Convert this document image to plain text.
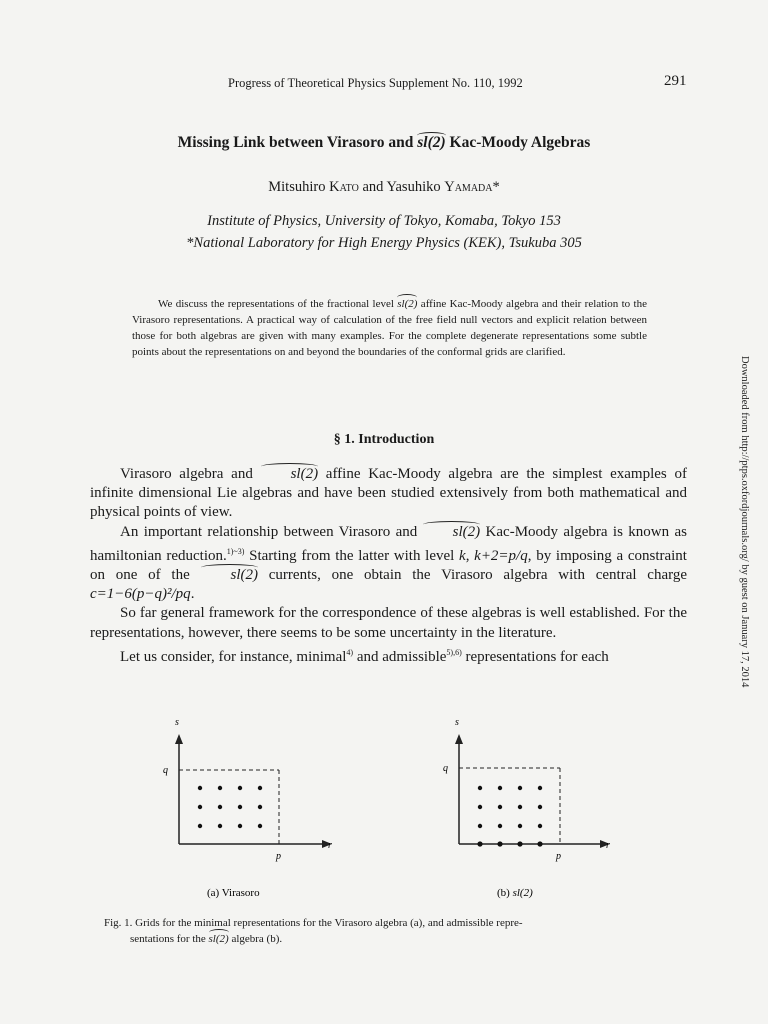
Progress of Theoretical Physics Supplement No. 110, 1992	291
Missing Link between Virasoro and sl(2) Kac-Moody Algebras
Mitsuhiro Kato and Yasuhiko Yamada*
Institute of Physics, University of Tokyo, Komaba, Tokyo 153
*National Laboratory for High Energy Physics (KEK), Tsukuba 305
We discuss the representations of the fractional level sl(2) affine Kac-Moody algebra and their relation to the Virasoro representations. A practical way of calculation of the free field null vectors and explicit relation between those for both algebras are given with many examples. For the complete degenerate representations some subtle points about the representations on and beyond the boundaries of the conformal grids are clarified.
§ 1. Introduction

Virasoro algebra and sl(2) affine Kac-Moody algebra are the simplest examples of infinite dimensional Lie algebras and have been studied extensively from both mathematical and physical points of view.

An important relationship between Virasoro and sl(2) Kac-Moody algebra is known as hamiltonian reduction.$^{1)\sim 3)}$ Starting from the latter with level k, k+2=p/q, by imposing a constraint on one of the sl(2) currents, one obtain the Virasoro algebra with central charge c=1−6(p−q)²/pq.

So far general framework for the correspondence of these algebras is well established. For the representations, however, there seems to be some uncertainty in the literature.

Let us consider, for instance, minimal$^{4)}$ and admissible$^{5),6)}$ representations for each	Downloaded from http://ptps.oxfordjournals.org/ by guest on January 17, 2014
s
q
p
r
(a) Virasoro
s
q
p
r
(b) sl(2)
Fig. 1. Grids for the minimal representations for the Virasoro algebra (a), and admissible repre-
sentations for the sl(2) algebra (b).
